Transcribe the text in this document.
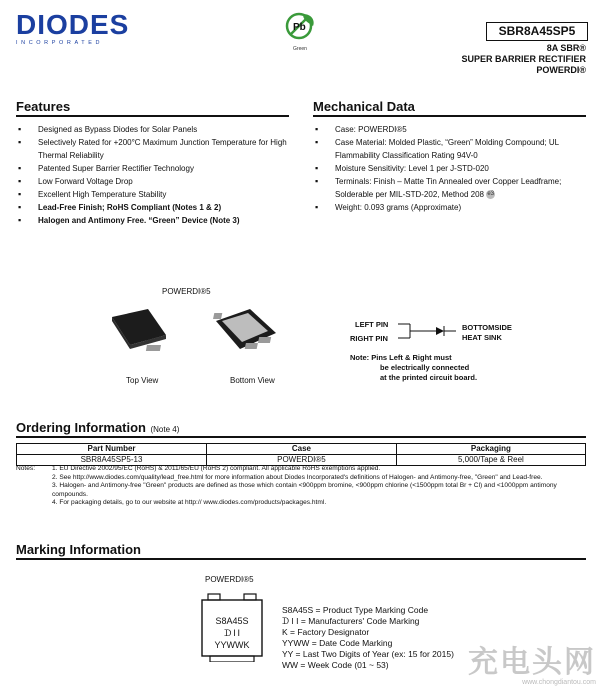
DIODES
INCORPORATED
Pb
Green
SBR8A45SP5
8A SBR®
SUPER BARRIER RECTIFIER
POWERDI®
Features
▪ Designed as Bypass Diodes for Solar Panels
▪ Selectively Rated for +200°C Maximum Junction Temperature for High Thermal Reliability
▪ Patented Super Barrier Rectifier Technology
▪ Low Forward Voltage Drop
▪ Excellent High Temperature Stability
▪ Lead-Free Finish; RoHS Compliant (Notes 1 & 2)
▪ Halogen and Antimony Free. “Green” Device (Note 3)
Mechanical Data
▪ Case: POWERDI®5
▪ Case Material: Molded Plastic, “Green” Molding Compound; UL Flammability Classification Rating 94V-0
▪ Moisture Sensitivity: Level 1 per J-STD-020
▪ Terminals: Finish – Matte Tin Annealed over Copper Leadframe; Solderable per MIL-STD-202, Method 208 e3
▪ Weight: 0.093 grams (Approximate)
POWERDI®5
Top View	Bottom View
LEFT PIN
RIGHT PIN
BOTTOMSIDE
HEAT SINK
Note: Pins Left & Right must
be electrically connected
at the printed circuit board.
Ordering Information (Note 4)
Part Number	Case	Packaging
SBR8A45SP5-13	POWERDI®5	5,000/Tape & Reel
Notes:	1. EU Directive 2002/95/EC (RoHS) & 2011/65/EU (RoHS 2) compliant. All applicable RoHS exemptions applied.
2. See http://www.diodes.com/quality/lead_free.html for more information about Diodes Incorporated's definitions of Halogen- and Antimony-free, "Green" and Lead-free.
3. Halogen- and Antimony-free "Green" products are defined as those which contain <900ppm bromine, <900ppm chlorine (<1500ppm total Br + Cl) and <1000ppm antimony compounds.
4. For packaging details, go to our website at http:// www.diodes.com/products/packages.html.
Marking Information
POWERDI®5
S8A45S
ᗪ I I
YYWWK
S8A45S = Product Type Marking Code
ᗪ I I = Manufacturers' Code Marking
K = Factory Designator
YYWW = Date Code Marking
YY = Last Two Digits of Year (ex: 15 for 2015)
WW = Week Code (01 ~ 53)	充电头网
www.chongdiantou.com
